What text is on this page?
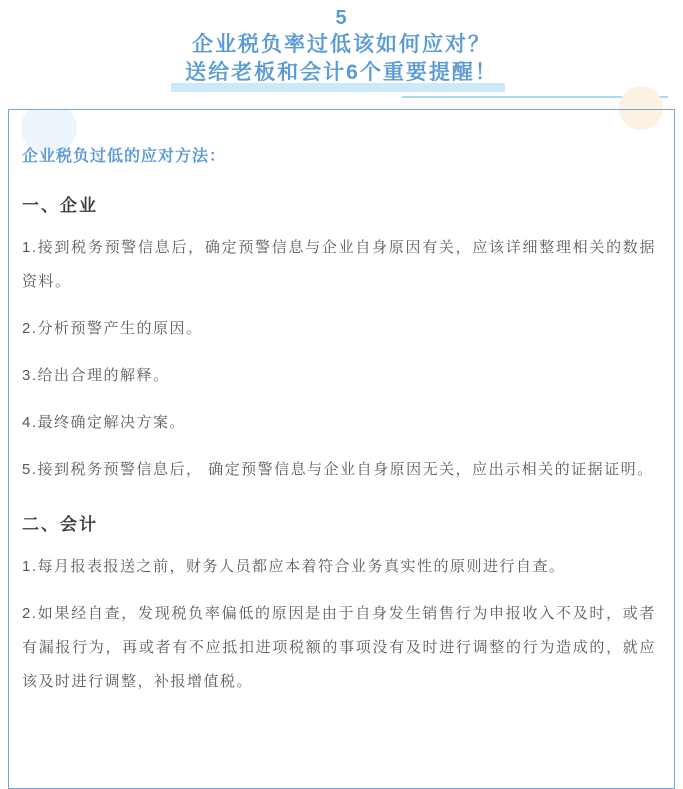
5
企业税负率过低该如何应对？
送给老板和会计6个重要提醒！
企业税负过低的应对方法：
一、企业

1.接到税务预警信息后，确定预警信息与企业自身原因有关，应该详细整理相关的数据资料。

2.分析预警产生的原因。

3.给出合理的解释。

4.最终确定解决方案。

5.接到税务预警信息后， 确定预警信息与企业自身原因无关，应出示相关的证据证明。

二、会计

1.每月报表报送之前，财务人员都应本着符合业务真实性的原则进行自查。

2.如果经自查，发现税负率偏低的原因是由于自身发生销售行为申报收入不及时，或者有漏报行为，再或者有不应抵扣进项税额的事项没有及时进行调整的行为造成的，就应该及时进行调整，补报增值税。
